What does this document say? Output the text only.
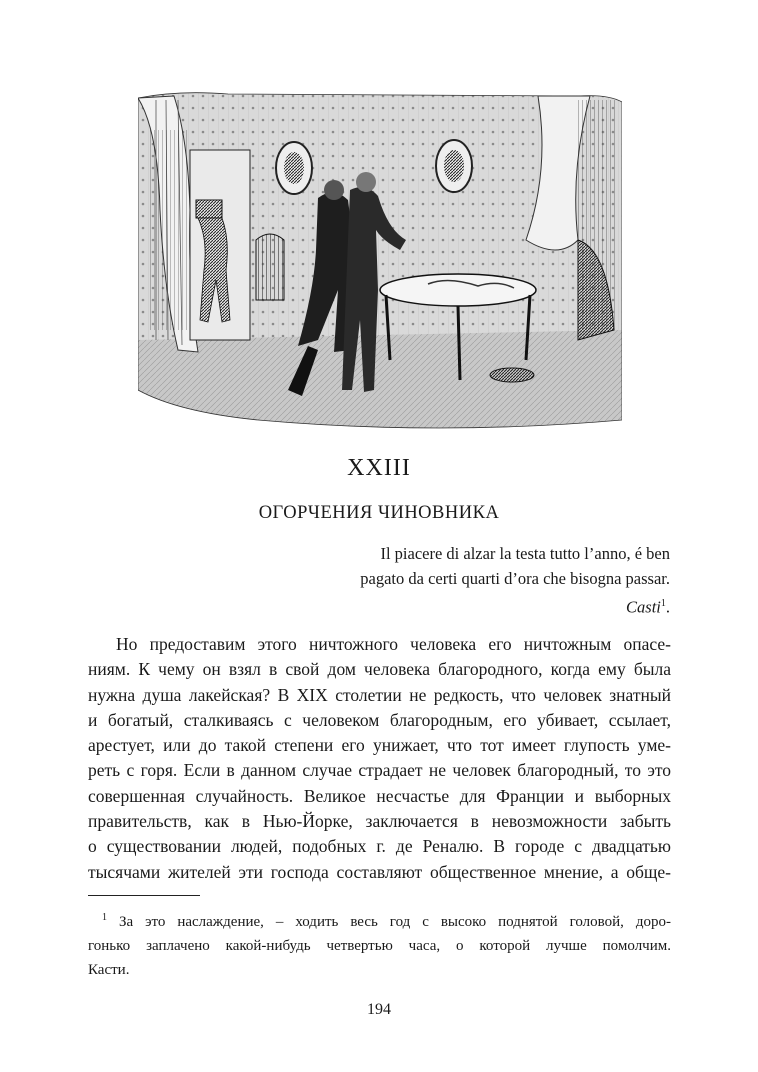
XXIII
ОГОРЧЕНИЯ ЧИНОВНИКА
Il piacere di alzar la testa tutto l’anno, é ben
pagato da certi quarti d’ora che bisogna passar.
Casti$^1$.
Но предоставим этого ничтожного человека его ничтожным опасе-
ниям. К чему он взял в свой дом человека благородного, когда ему была
нужна душа лакейская? В XIX столетии не редкость, что человек знатный
и богатый, сталкиваясь с человеком благородным, его убивает, ссылает,
арестует, или до такой степени его унижает, что тот имеет глупость уме-
реть с горя. Если в данном случае страдает не человек благородный, то это
совершенная случайность. Великое несчастье для Франции и выборных
правительств, как в Нью-Йорке, заключается в невозможности забыть
о существовании людей, подобных г. де Реналю. В городе с двадцатью
тысячами жителей эти господа составляют общественное мнение, а обще-
$^1$ За это наслаждение, – ходить весь год с высоко поднятой головой, доро-
гонько заплачено какой-нибудь четвертью часа, о которой лучше помолчим.
Касти.
194
